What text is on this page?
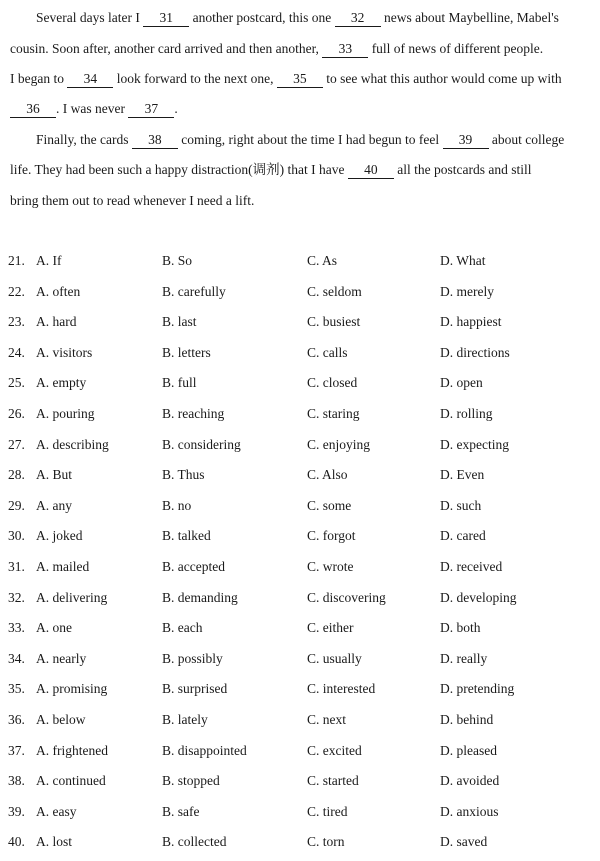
Several days later I 31 another postcard, this one 32 news about Maybelline, Mabel's
cousin. Soon after, another card arrived and then another, 33 full of news of different people.
I began to 34 look forward to the next one, 35 to see what this author would come up with
36 . I was never 37 .
Finally, the cards 38 coming, right about the time I had begun to feel 39 about college
life. They had been such a happy distraction(调剂) that I have 40 all the postcards and still
bring them out to read whenever I need a lift.
21. A. If	B. So	C. As	D. What
22. A. often	B. carefully	C. seldom	D. merely
23. A. hard	B. last	C. busiest	D. happiest
24. A. visitors	B. letters	C. calls	D. directions
25. A. empty	B. full	C. closed	D. open
26. A. pouring	B. reaching	C. staring	D. rolling
27. A. describing	B. considering	C. enjoying	D. expecting
28. A. But	B. Thus	C. Also	D. Even
29. A. any	B. no	C. some	D. such
30. A. joked	B. talked	C. forgot	D. cared
31. A. mailed	B. accepted	C. wrote	D. received
32. A. delivering	B. demanding	C. discovering	D. developing
33. A. one	B. each	C. either	D. both
34. A. nearly	B. possibly	C. usually	D. really
35. A. promising	B. surprised	C. interested	D. pretending
36. A. below	B. lately	C. next	D. behind
37. A. frightened	B. disappointed	C. excited	D. pleased
38. A. continued	B. stopped	C. started	D. avoided
39. A. easy	B. safe	C. tired	D. anxious
40. A. lost	B. collected	C. torn	D. saved
